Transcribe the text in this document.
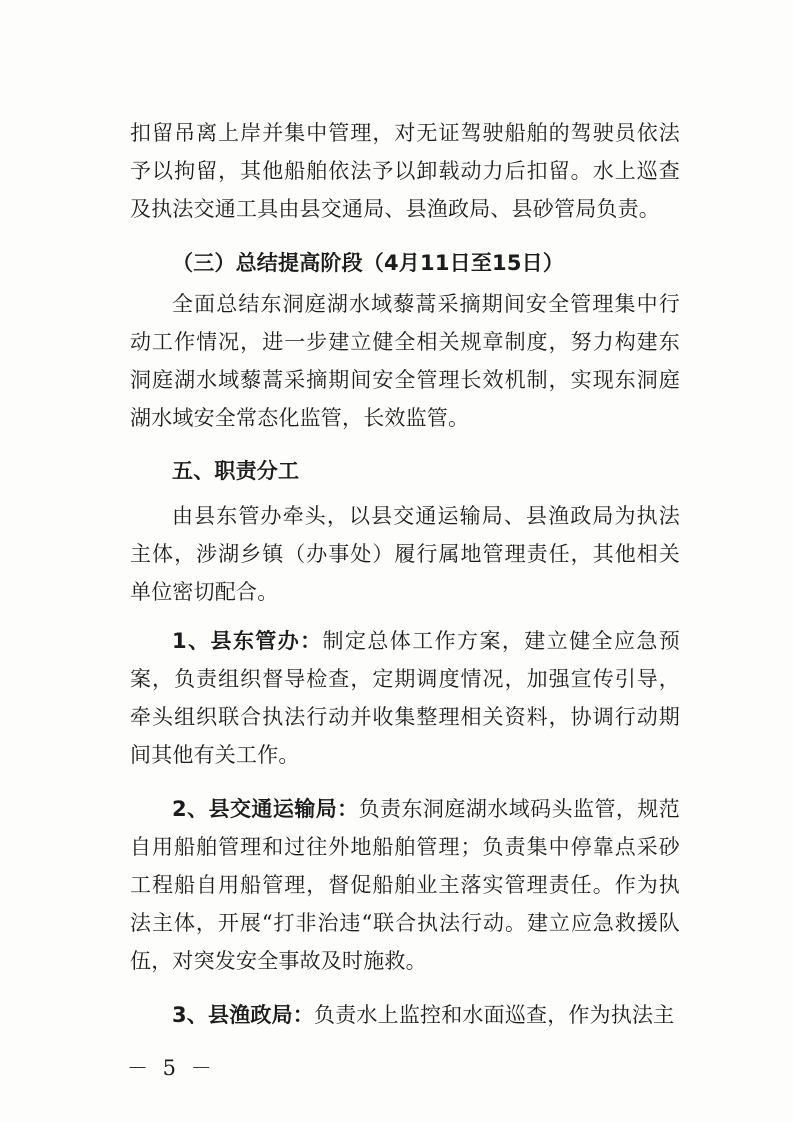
扣留吊离上岸并集中管理，对无证驾驶船舶的驾驶员依法予以拘留，其他船舶依法予以卸载动力后扣留。水上巡查及执法交通工具由县交通局、县渔政局、县砂管局负责。
（三）总结提高阶段（4月11日至15日）
全面总结东洞庭湖水域藜蒿采摘期间安全管理集中行动工作情况，进一步建立健全相关规章制度，努力构建东洞庭湖水域藜蒿采摘期间安全管理长效机制，实现东洞庭湖水域安全常态化监管，长效监管。
五、职责分工
由县东管办牵头，以县交通运输局、县渔政局为执法主体，涉湖乡镇（办事处）履行属地管理责任，其他相关单位密切配合。
1、县东管办：制定总体工作方案，建立健全应急预案，负责组织督导检查，定期调度情况，加强宣传引导，牵头组织联合执法行动并收集整理相关资料，协调行动期间其他有关工作。
2、县交通运输局：负责东洞庭湖水域码头监管，规范自用船舶管理和过往外地船舶管理；负责集中停靠点采砂工程船自用船管理，督促船舶业主落实管理责任。作为执法主体，开展“打非治违“联合执法行动。建立应急救援队伍，对突发安全事故及时施救。
3、县渔政局：负责水上监控和水面巡查，作为执法主
－ 5 －
